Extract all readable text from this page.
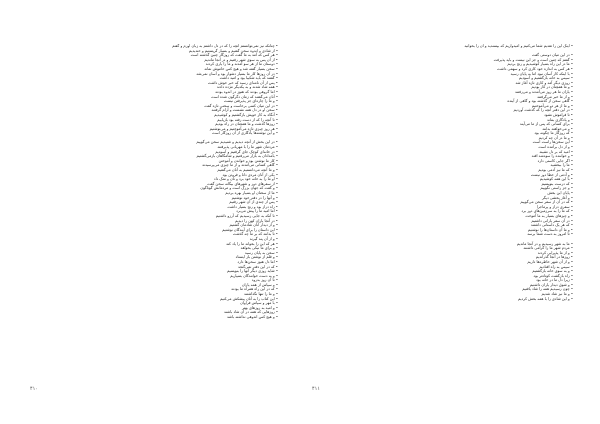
• چنانکه نیز نمی‌توانستم آنچه را که در دل داشتم به زبان آورم و گفتم
• از شادی و اندوه سخن گفتیم و بسیار گریستیم و خندیدیم
• هر کس که آمد به ما گفت که روزگار چنین گذشته است
• از آن پس به سوی شهر رفتیم و در آنجا ماندیم
• دوستان ما از هر سو آمدند و ما را یاری کردند
• سخن بسیار گفته شد و هیچ کس خاموش نماند
• در آن روزها کار ما بسیار دشوار بود و آسان نمی‌شد
• گفتند که باید شکیبا بود و امید داشت
• پس از آن نامه‌ای رسید که خبر خوش داشت
• همه شاد شدند و به یکدیگر مژده دادند
• اما گروهی بودند که هنوز در اندوه بودند
• آنان می‌گفتند که زمان دگرگون شده است
• و ما را چاره‌ای جز پذیرفتن نیست
• در این میان کسی برخاست و سخنی تازه گفت
• سخن او در دل همه نشست و آرام گرفتند
• آنگاه به کار خویش بازگشتیم و کوشیدیم
• تا آنچه را که از دست رفته بود بازیابیم
• روزها گذشت و ما همچنان در راه بودیم
• هر روز چیزی تازه می‌آموختیم و می‌نوشتیم
• و این نوشته‌ها یادگاری از آن روزگار است
• در این بخش از آنچه دیدیم و شنیدیم سخن می‌گوییم
• مردمان شهر ما را با مهربانی پذیرفتند
• در خانه‌ای کوچک جای گرفتیم و آسودیم
• بامدادان به بازار می‌رفتیم و شامگاهان بازمی‌گشتیم
• کار ما نوشتن بود و خواندن و آموختن
• گاهی کسانی می‌آمدند و از ما چیزی می‌پرسیدند
• و ما آنچه می‌دانستیم به آنان می‌گفتیم
• یکی از آنان مردی دانا و فروتن بود
• او ما را به خانه خود برد و نان و نمک داد
• از سفرهای دور و شهرهای بیگانه سخن گفت
• و گفت که جهان بزرگ است و مردمانش گوناگون
• ما از سخنان او بسیار بهره بردیم
• و آنها را در دفتر خود نوشتیم
• پس از چندی از آن شهر رفتیم
• راه دراز بود و رنج بسیار داشت
• اما امید ما را پیش می‌برد
• تا آنکه به جایی رسیدیم که آرزو داشتیم
• در آنجا یاران کهن را دیدیم
• و از دیدار آنان شادمان گشتیم
• این داستان را برای آیندگان نوشتیم
• تا بدانند که بر ما چه گذشت
• و از آن پند گیرند
• هر که این را بخواند ما را یاد کند
• و برای ما نیکی بخواهد
• سخن به پایان رسید
• و قلم از نوشتن باز ایستاد
• اما دل هنوز سخن‌ها دارد
• که در این دفتر نمی‌گنجد
• شاید روزی دیگر آنها را بنویسیم
• و به دست خوانندگان بسپاریم
• تا آن روز بدرود
• و سپاس از همه یاران
• که در این راه همراه ما بودند
• و ما را تنها نگذاشتند
• این کتاب را به آنان پیشکش می‌کنیم
• با مهر و سپاس فراوان
• و امید به روزهای بهتر
• روزهایی که همه در آن شاد باشند
• و هیچ کس اندوهی نداشته باشد
۴۱۰
• اینک این را تقدیم شما می‌کنیم و امیدواریم که بپسندید و آن را بخوانید
• در این میان دوستی گفت
• گفتم که چنین است و جز این نیست و باید پذیرفت
• ما در این راه بسیار کوشیدیم و رنج بردیم
• هر کس به اندازه خود کاری کرد و سهمی داشت
• با اینکه کار آسان نبود اما به پایان رسید
• سپس به خانه بازگشتیم و آسودیم
• روزی دیگر آمد و کاری تازه آغاز شد
• و ما همچنان در کار بودیم
• یاران ما هر روز می‌آمدند و می‌رفتند
• و از ما خبر می‌گرفتند
• گاهی سخن از گذشته بود و گاهی از آینده
• و ما از هر دو می‌آموختیم
• در این دفتر آنچه را که گذشت آوردیم
• تا فراموش نشود
• و یادگاری بماند
• برای کسانی که پس از ما می‌آیند
• و می‌خواهند بدانند
• که روزگار ما چگونه بود
• و ما در آن چه کردیم
• این سخن‌ها راست است
• و از دل برآمده است
• امید که بر دل نشیند
• و خواننده را سودمند افتد
• اگر جایی کاستی دارد
• ما را ببخشید
• که ما نیز آدمی بودیم
• و آدمی از خطا دور نیست
• با این همه کوشیدیم
• که درست بنویسیم
• و جز راستی نگوییم
• پایان این بخش
• و آغاز بخشی دیگر
• که در آن از سفر سخن می‌گوییم
• سفری دراز و پرماجرا
• که ما را به سرزمین‌های دور برد
• و چیزهای بسیار به ما آموخت
• در آن سفر یارانی داشتیم
• که هر یک داستانی داشتند
• و ما آن داستان‌ها را نوشتیم
• تا امروز به دست شما برسد
• ما به شهر رسیدیم و در آنجا ماندیم
• مردم شهر ما را گرامی داشتند
• و از ما پذیرایی کردند
• روزها در آنجا گذراندیم
• و از آن شهر خاطره‌ها داریم
• سپس به راه افتادیم
• و به سوی خانه بازگشتیم
• راه بازگشت کوتاه‌تر بود
• زیرا دل ما در خانه بود
• و شوق دیدار یاران داشتیم
• چون رسیدیم همه را شاد یافتیم
• و ما نیز شاد شدیم
• و این شادی را با همه بخش کردیم
۴۱۱
